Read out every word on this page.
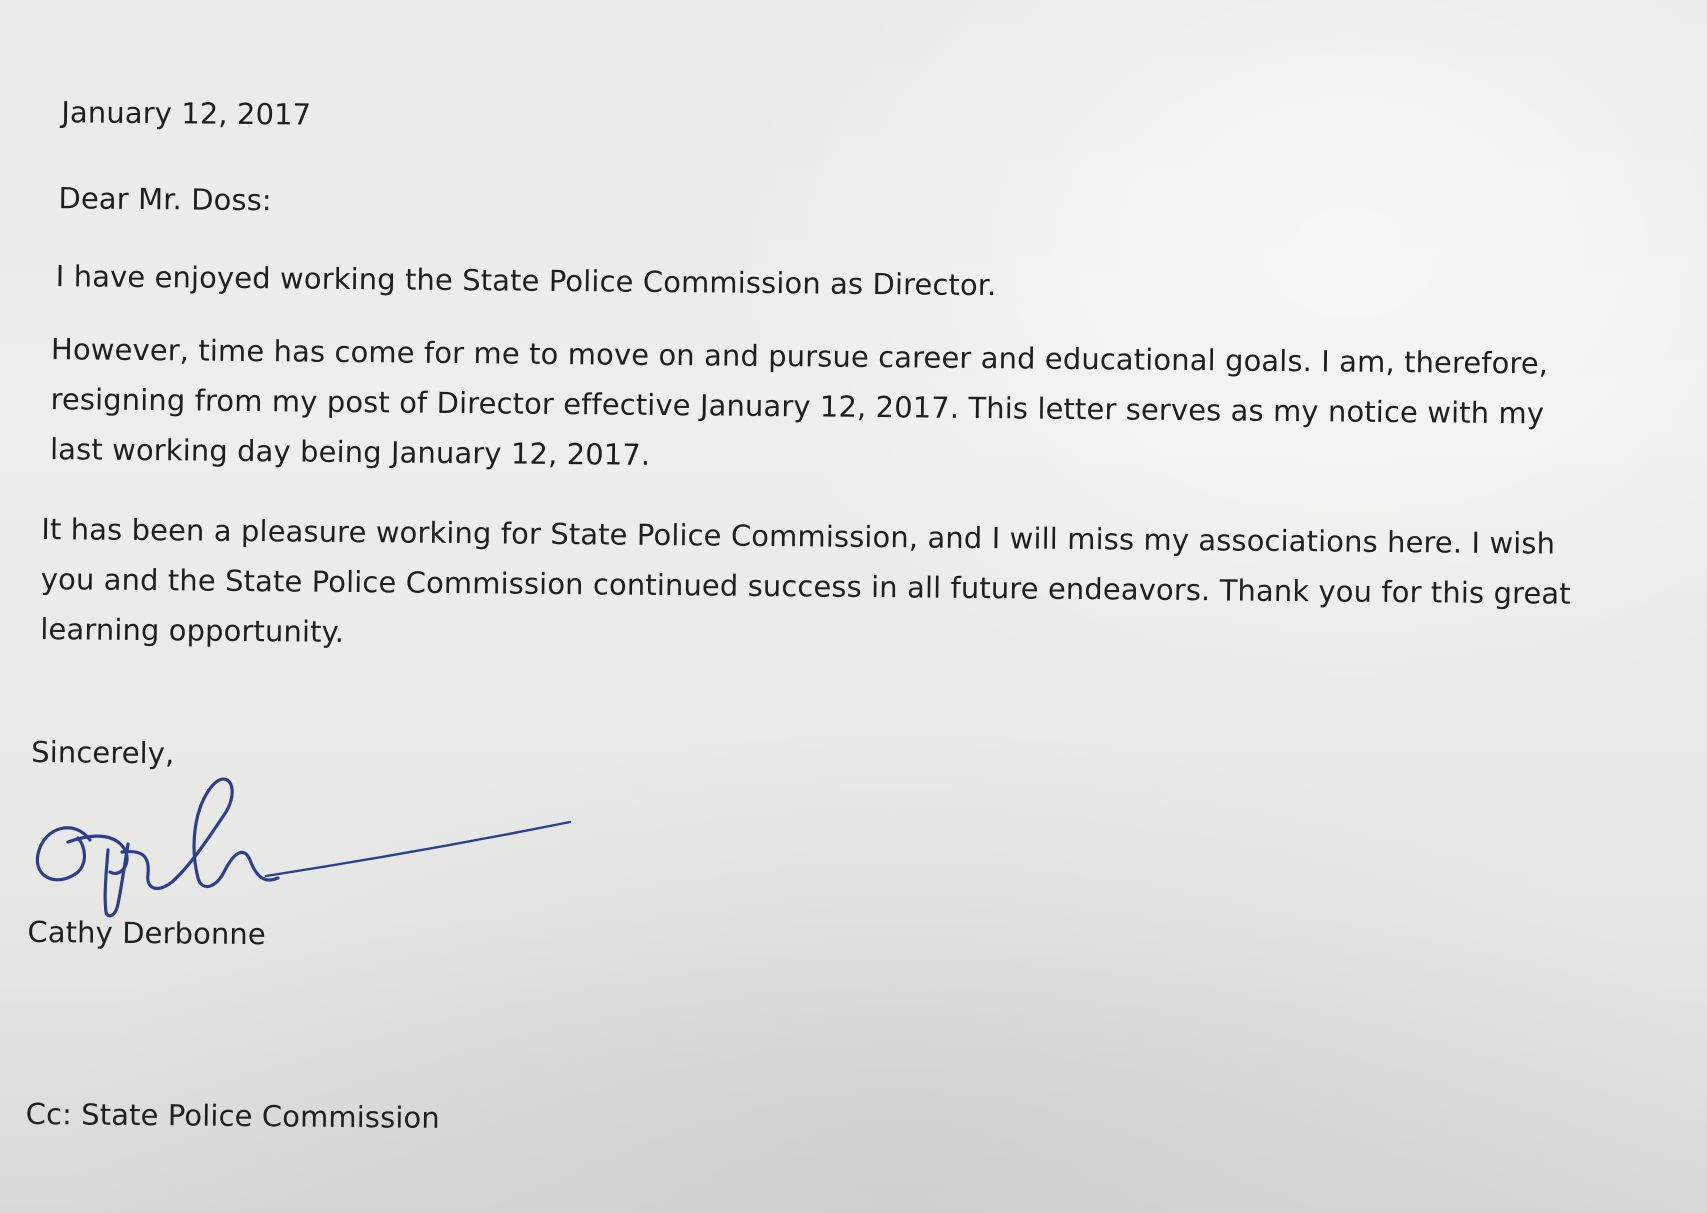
January 12, 2017
Dear Mr. Doss:
I have enjoyed working the State Police Commission as Director.
However, time has come for me to move on and pursue career and educational goals. I am, therefore,
resigning from my post of Director effective January 12, 2017. This letter serves as my notice with my
last working day being January 12, 2017.
It has been a pleasure working for State Police Commission, and I will miss my associations here. I wish
you and the State Police Commission continued success in all future endeavors. Thank you for this great
learning opportunity.
Sincerely,
Cathy Derbonne
Cc: State Police Commission
